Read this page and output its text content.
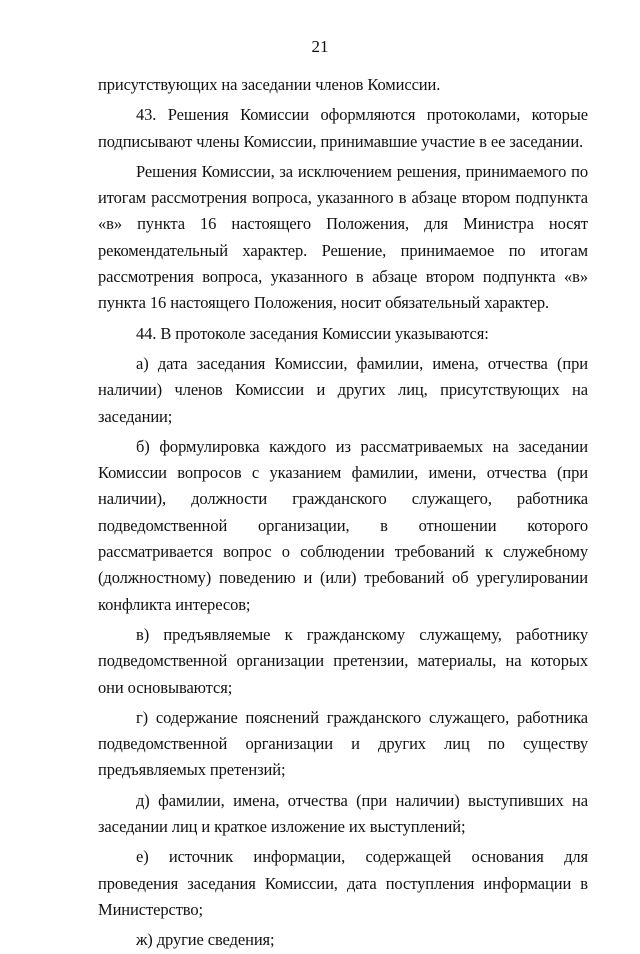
21

присутствующих на заседании членов Комиссии.

43. Решения Комиссии оформляются протоколами, которые подписывают члены Комиссии, принимавшие участие в ее заседании.

Решения Комиссии, за исключением решения, принимаемого по итогам рассмотрения вопроса, указанного в абзаце втором подпункта «в» пункта 16 настоящего Положения, для Министра носят рекомендательный характер. Решение, принимаемое по итогам рассмотрения вопроса, указанного в абзаце втором подпункта «в» пункта 16 настоящего Положения, носит обязательный характер.

44. В протоколе заседания Комиссии указываются:

а) дата заседания Комиссии, фамилии, имена, отчества (при наличии) членов Комиссии и других лиц, присутствующих на заседании;

б) формулировка каждого из рассматриваемых на заседании Комиссии вопросов с указанием фамилии, имени, отчества (при наличии), должности гражданского служащего, работника подведомственной организации, в отношении которого рассматривается вопрос о соблюдении требований к служебному (должностному) поведению и (или) требований об урегулировании конфликта интересов;

в) предъявляемые к гражданскому служащему, работнику подведомственной организации претензии, материалы, на которых они основываются;

г) содержание пояснений гражданского служащего, работника подведомственной организации и других лиц по существу предъявляемых претензий;

д) фамилии, имена, отчества (при наличии) выступивших на заседании лиц и краткое изложение их выступлений;

е) источник информации, содержащей основания для проведения заседания Комиссии, дата поступления информации в Министерство;

ж) другие сведения;
